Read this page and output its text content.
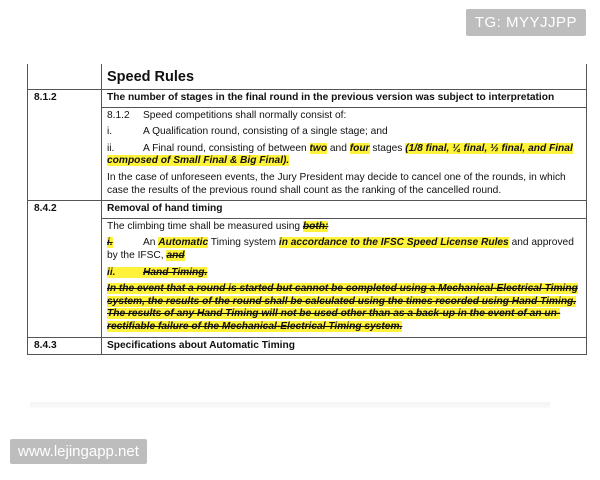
TG: MYYJJPP
	Speed Rules
8.1.2	The number of stages in the final round in the previous version was subject to interpretation

	8.1.2 Speed competitions shall normally consist of:
i. A Qualification round, consisting of a single stage; and
ii. A Final round, consisting of between two and four stages (1/8 final, ¼ final, ½ final, and Final composed of Small Final & Big Final).
In the case of unforeseen events, the Jury President may decide to cancel one of the rounds, in which case the results of the previous round shall count as the ranking of the cancelled round.

8.4.2	Removal of hand timing

	The climbing time shall be measured using both:
i. An Automatic Timing system in accordance to the IFSC Speed License Rules and approved by the IFSC, and
ii. Hand Timing.
In the event that a round is started but cannot be completed using a Mechanical-Electrical Timing system, the results of the round shall be calculated using the times recorded using Hand Timing. The results of any Hand Timing will not be used other than as a back-up in the event of an un-rectifiable failure of the Mechanical-Electrical Timing system.

8.4.3	Specifications about Automatic Timing
www.lejingapp.net
